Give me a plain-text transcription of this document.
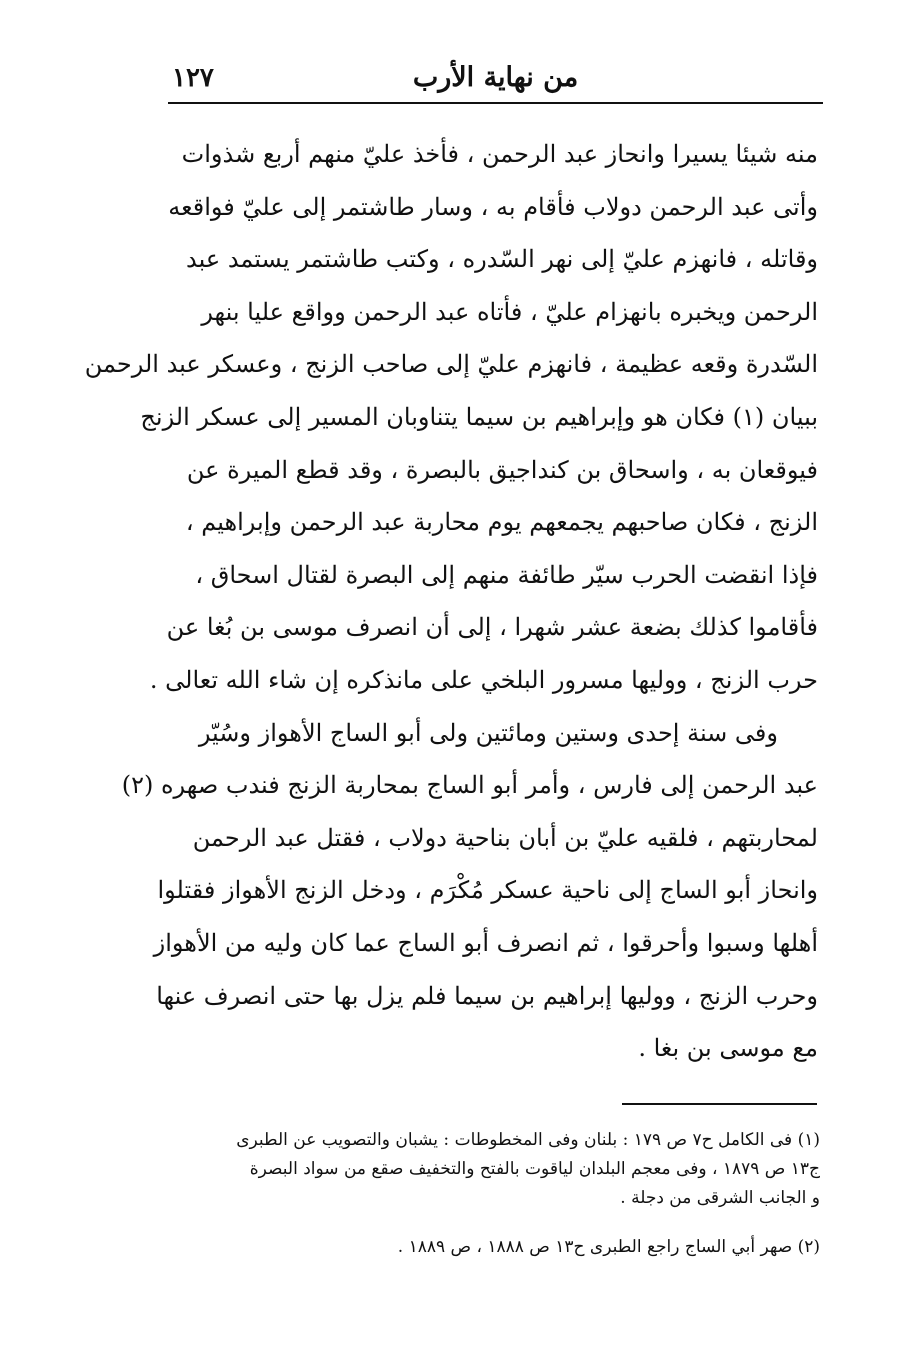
من نهاية الأرب
١٢٧
منه شيئا يسيرا وانحاز عبد الرحمن ، فأخذ عليّ منهم أربع شذوات
وأتى عبد الرحمن دولاب فأقام به ، وسار طاشتمر إلى عليّ فواقعه
وقاتله ، فانهزم عليّ إلى نهر السّدره ، وكتب طاشتمر يستمد عبد
الرحمن ويخبره بانهزام عليّ ، فأتاه عبد الرحمن وواقع عليا بنهر
السّدرة وقعه عظيمة ، فانهزم عليّ إلى صاحب الزنج ، وعسكر عبد الرحمن
ببيان (١) فكان هو وإبراهيم بن سيما يتناوبان المسير إلى عسكر الزنج
فيوقعان به ، واسحاق بن كنداجيق بالبصرة ، وقد قطع الميرة عن
الزنج ، فكان صاحبهم يجمعهم يوم محاربة عبد الرحمن وإبراهيم ،
فإذا انقضت الحرب سيّر طائفة منهم إلى البصرة لقتال اسحاق ،
فأقاموا كذلك بضعة عشر شهرا ، إلى أن انصرف موسى بن بُغا عن
حرب الزنج ، ووليها مسرور البلخي على مانذكره إن شاء الله تعالى .
وفى سنة إحدى وستين ومائتين ولى أبو الساج الأهواز وسُيّر
عبد الرحمن إلى فارس ، وأمر أبو الساج بمحاربة الزنج فندب صهره (٢)
لمحاربتهم ، فلقيه عليّ بن أبان بناحية دولاب ، فقتل عبد الرحمن
وانحاز أبو الساج إلى ناحية عسكر مُكْرَم ، ودخل الزنج الأهواز فقتلوا
أهلها وسبوا وأحرقوا ، ثم انصرف أبو الساج عما كان وليه من الأهواز
وحرب الزنج ، ووليها إبراهيم بن سيما فلم يزل بها حتى انصرف عنها
مع موسى بن بغا .
(١) فى الكامل ح٧ ص ١٧٩ : بلنان وفى المخطوطات : يشبان والتصويب عن الطبرى
ج١٣ ص ١٨٧٩ ، وفى معجم البلدان لياقوت بالفتح والتخفيف صقع من سواد البصرة
و الجانب الشرقى من دجلة .
(٢) صهر أبي الساج راجع الطبرى ح١٣ ص ١٨٨٨ ، ص ١٨٨٩ .
